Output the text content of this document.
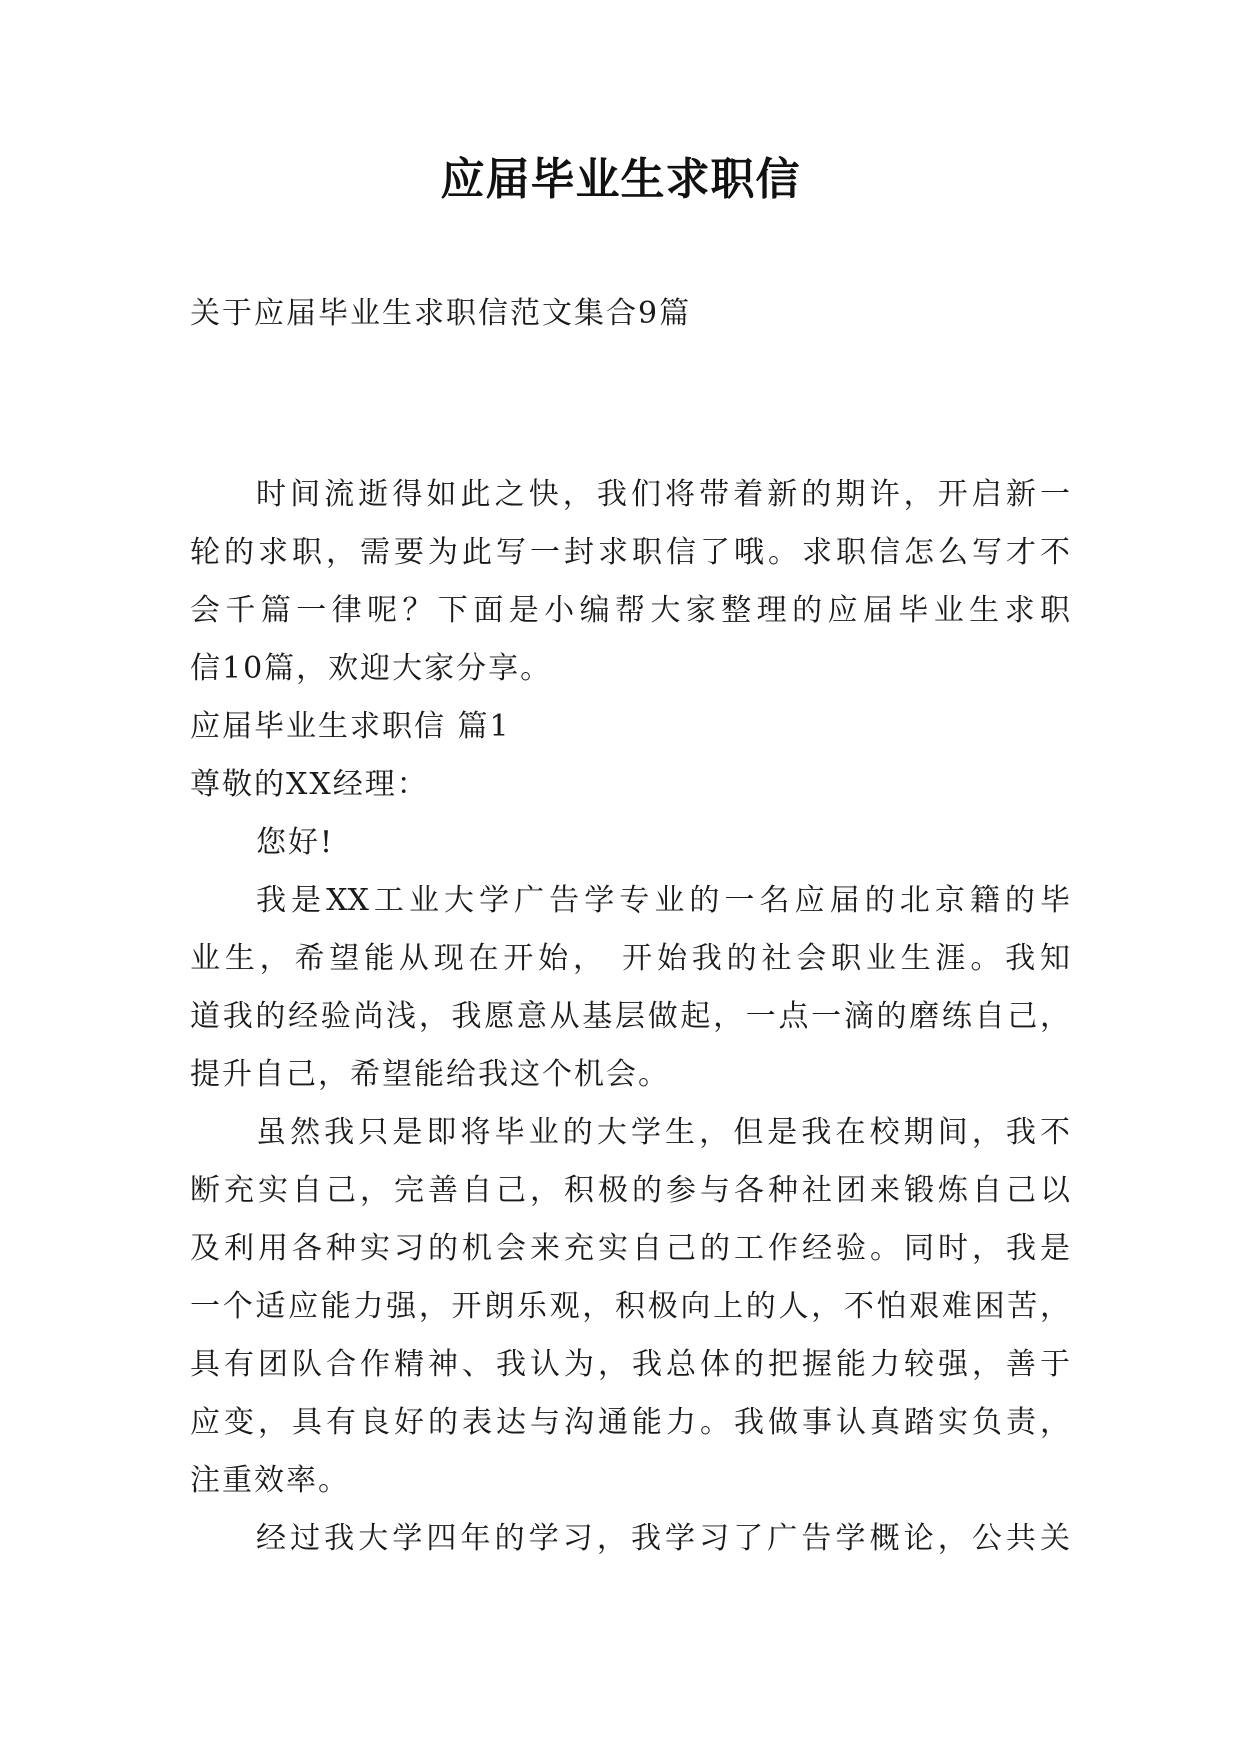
应届毕业生求职信
关于应届毕业生求职信范文集合9篇
时间流逝得如此之快，我们将带着新的期许，开启新一
轮的求职，需要为此写一封求职信了哦。求职信怎么写才不
会千篇一律呢？下面是小编帮大家整理的应届毕业生求职
信10篇，欢迎大家分享。
应届毕业生求职信 篇1
尊敬的XX经理：
您好!
我是XX工业大学广告学专业的一名应届的北京籍的毕
业生，希望能从现在开始， 开始我的社会职业生涯。我知
道我的经验尚浅，我愿意从基层做起，一点一滴的磨练自己，
提升自己，希望能给我这个机会。
虽然我只是即将毕业的大学生，但是我在校期间，我不
断充实自己，完善自己，积极的参与各种社团来锻炼自己以
及利用各种实习的机会来充实自己的工作经验。同时，我是
一个适应能力强，开朗乐观，积极向上的人，不怕艰难困苦，
具有团队合作精神、我认为，我总体的把握能力较强，善于
应变，具有良好的表达与沟通能力。我做事认真踏实负责，
注重效率。
经过我大学四年的学习，我学习了广告学概论，公共关
